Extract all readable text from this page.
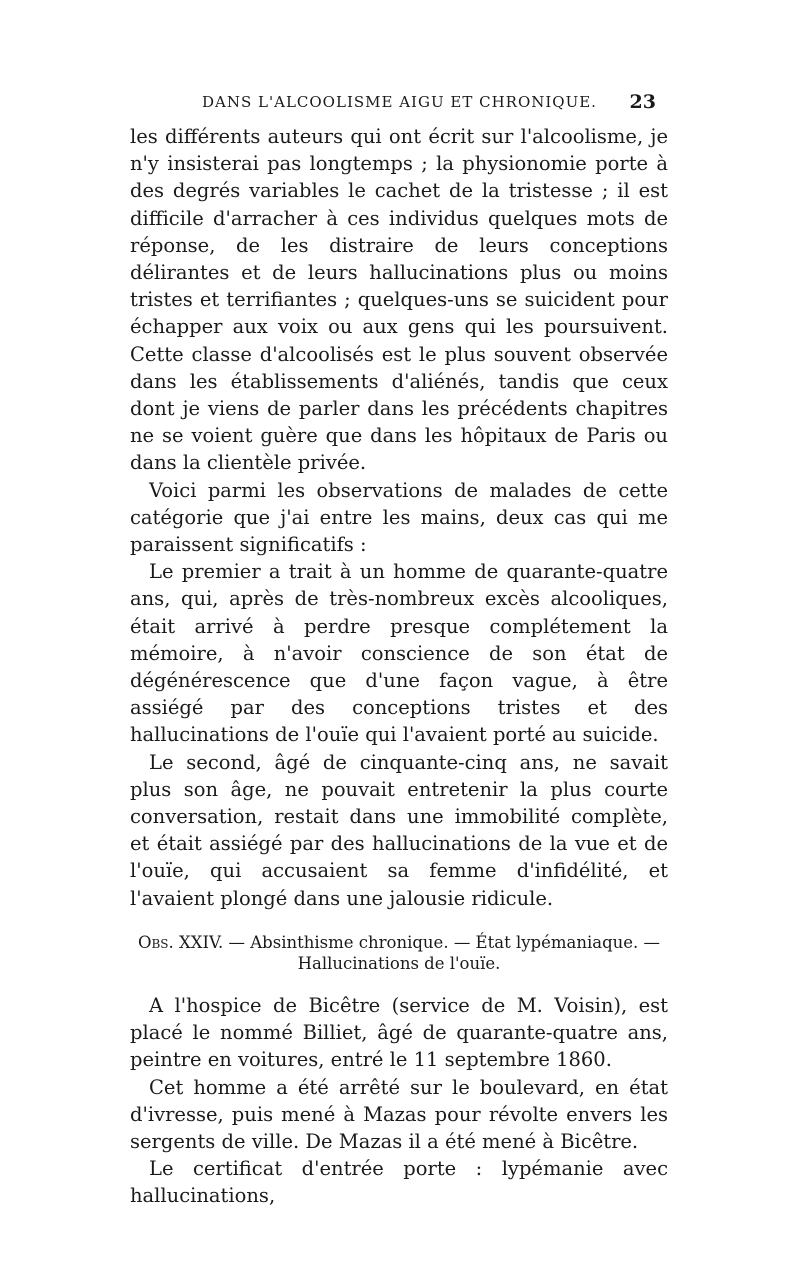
DANS L'ALCOOLISME AIGU ET CHRONIQUE. 23

les différents auteurs qui ont écrit sur l'alcoolisme, je n'y insisterai pas longtemps ; la physionomie porte à des degrés variables le cachet de la tristesse ; il est difficile d'arracher à ces individus quelques mots de réponse, de les distraire de leurs conceptions délirantes et de leurs hallucinations plus ou moins tristes et terrifiantes ; quelques-uns se suicident pour échapper aux voix ou aux gens qui les poursuivent. Cette classe d'alcoolisés est le plus souvent observée dans les établissements d'aliénés, tandis que ceux dont je viens de parler dans les précédents chapitres ne se voient guère que dans les hôpitaux de Paris ou dans la clientèle privée.

Voici parmi les observations de malades de cette catégorie que j'ai entre les mains, deux cas qui me paraissent significatifs :

Le premier a trait à un homme de quarante-quatre ans, qui, après de très-nombreux excès alcooliques, était arrivé à perdre presque complétement la mémoire, à n'avoir conscience de son état de dégénérescence que d'une façon vague, à être assiégé par des conceptions tristes et des hallucinations de l'ouïe qui l'avaient porté au suicide.

Le second, âgé de cinquante-cinq ans, ne savait plus son âge, ne pouvait entretenir la plus courte conversation, restait dans une immobilité complète, et était assiégé par des hallucinations de la vue et de l'ouïe, qui accusaient sa femme d'infidélité, et l'avaient plongé dans une jalousie ridicule.

Obs. XXIV. — Absinthisme chronique. — État lypémaniaque. —
Hallucinations de l'ouïe.

A l'hospice de Bicêtre (service de M. Voisin), est placé le nommé Billiet, âgé de quarante-quatre ans, peintre en voitures, entré le 11 septembre 1860.

Cet homme a été arrêté sur le boulevard, en état d'ivresse, puis mené à Mazas pour révolte envers les sergents de ville. De Mazas il a été mené à Bicêtre.

Le certificat d'entrée porte : lypémanie avec hallucinations,
